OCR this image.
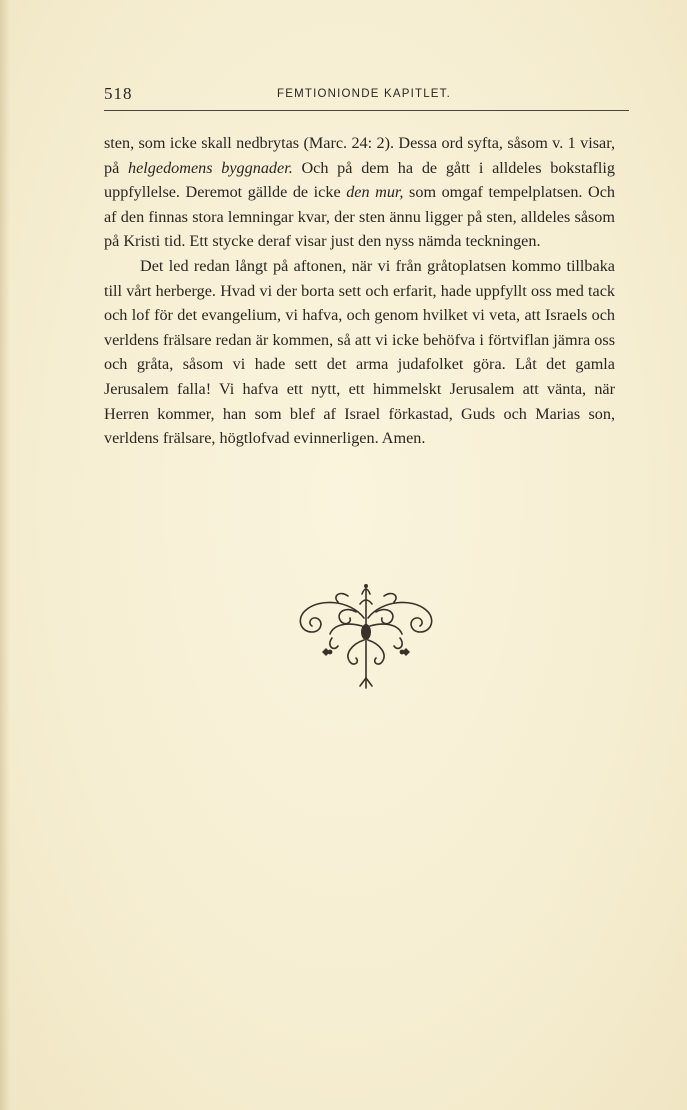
518	FEMTIONIONDE KAPITLET.

sten, som icke skall nedbrytas (Marc. 24: 2). Dessa ord syfta, såsom v. 1 visar, på helgedomens byggnader. Och på dem ha de gått i alldeles bokstaflig uppfyllelse. Deremot gällde de icke den mur, som omgaf tempelplatsen. Och af den finnas stora lemningar kvar, der sten ännu ligger på sten, alldeles såsom på Kristi tid. Ett stycke deraf visar just den nyss nämda teckningen.

Det led redan långt på aftonen, när vi från gråtoplatsen kommo tillbaka till vårt herberge. Hvad vi der borta sett och erfarit, hade uppfyllt oss med tack och lof för det evangelium, vi hafva, och genom hvilket vi veta, att Israels och verldens frälsare redan är kommen, så att vi icke behöfva i förtviflan jämra oss och gråta, såsom vi hade sett det arma judafolket göra. Låt det gamla Jerusalem falla! Vi hafva ett nytt, ett himmelskt Jerusalem att vänta, när Herren kommer, han som blef af Israel förkastad, Guds och Marias son, verldens frälsare, högtlofvad evinnerligen. Amen.
